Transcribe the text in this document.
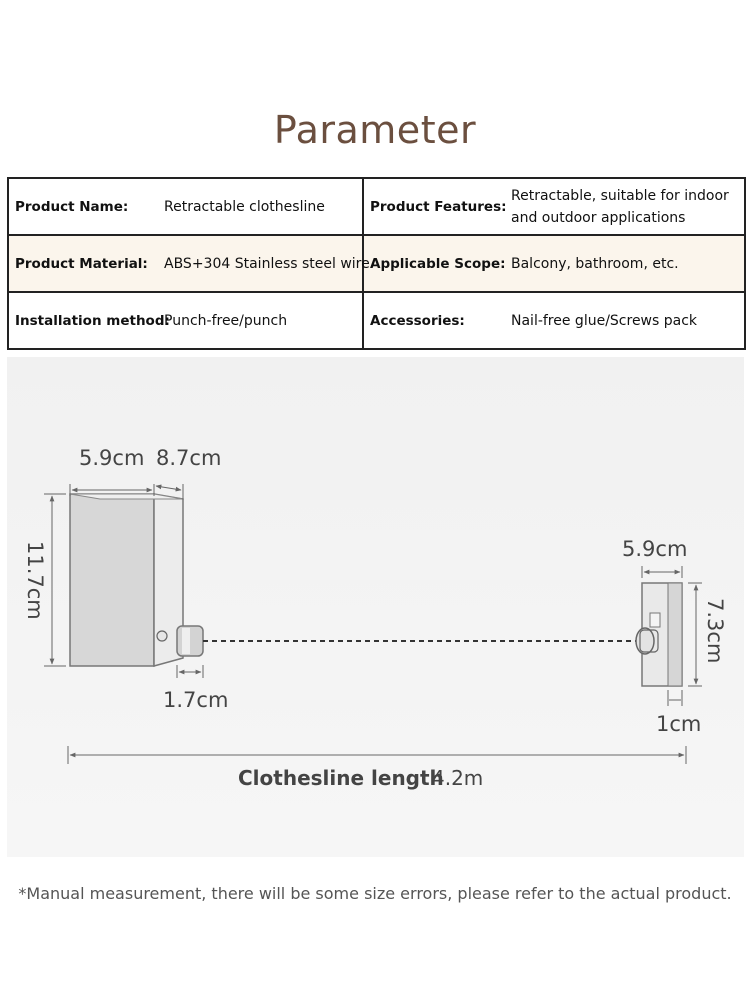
Parameter
Product Name:	Retractable clothesline	Product Features:	Retractable, suitable for indoor and outdoor applications
Product Material:	ABS+304 Stainless steel wire	Applicable Scope:	Balcony, bathroom, etc.
Installation method:	Punch-free/punch	Accessories:	Nail-free glue/Screws pack
5.9cm 8.7cm
11.7cm
1.7cm
5.9cm
7.3cm
1cm
Clothesline length
4.2m
*Manual measurement, there will be some size errors, please refer to the actual product.
